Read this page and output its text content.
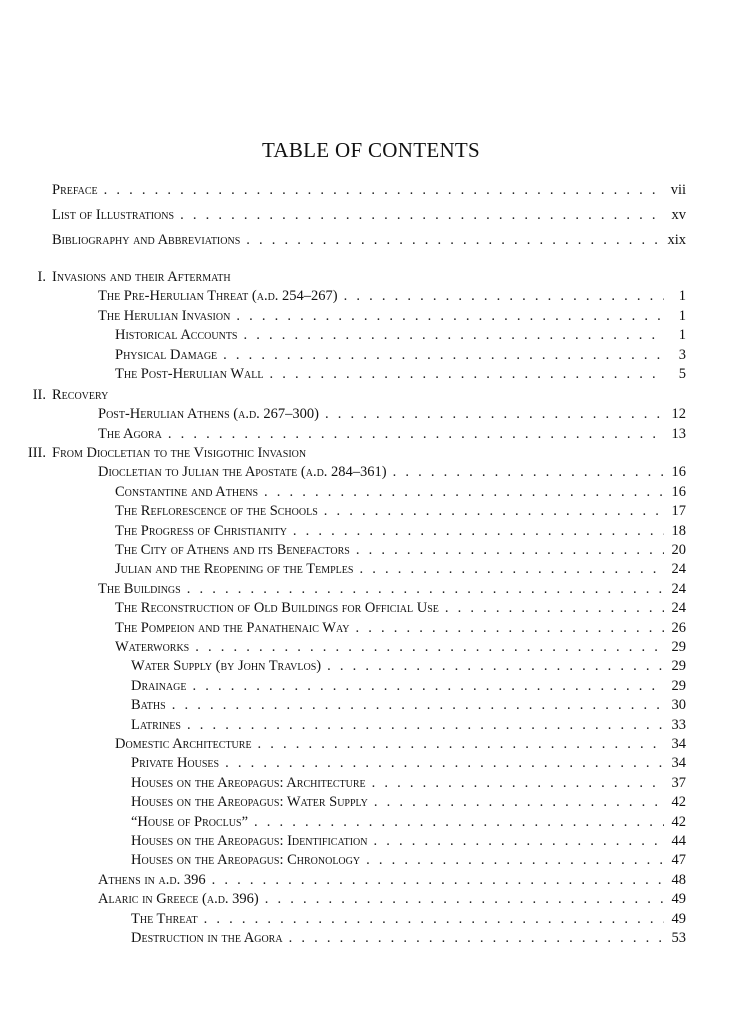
TABLE OF CONTENTS
Preface . . .	vii
List of Illustrations . . .	xv
Bibliography and Abbreviations . . .	xix
I. Invasions and their Aftermath
The Pre-Herulian Threat (a.d. 254–267) . . .	1
The Herulian Invasion . . .	1
Historical Accounts . . .	1
Physical Damage . . .	3
The Post-Herulian Wall . . .	5
II. Recovery
Post-Herulian Athens (a.d. 267–300) . . .	12
The Agora . . .	13
III. From Diocletian to the Visigothic Invasion
Diocletian to Julian the Apostate (a.d. 284–361) . . .	16
Constantine and Athens . . .	16
The Reflorescence of the Schools . . .	17
The Progress of Christianity . . .	18
The City of Athens and its Benefactors . . .	20
Julian and the Reopening of the Temples . . .	24
The Buildings . . .	24
The Reconstruction of Old Buildings for Official Use . . .	24
The Pompeion and the Panathenaic Way . . .	26
Waterworks . . .	29
Water Supply (by John Travlos) . . .	29
Drainage . . .	29
Baths . . .	30
Latrines . . .	33
Domestic Architecture . . .	34
Private Houses . . .	34
Houses on the Areopagus: Architecture . . .	37
Houses on the Areopagus: Water Supply . . .	42
“House of Proclus” . . .	42
Houses on the Areopagus: Identification . . .	44
Houses on the Areopagus: Chronology . . .	47
Athens in a.d. 396 . . .	48
Alaric in Greece (a.d. 396) . . .	49
The Threat . . .	49
Destruction in the Agora . . .	53
